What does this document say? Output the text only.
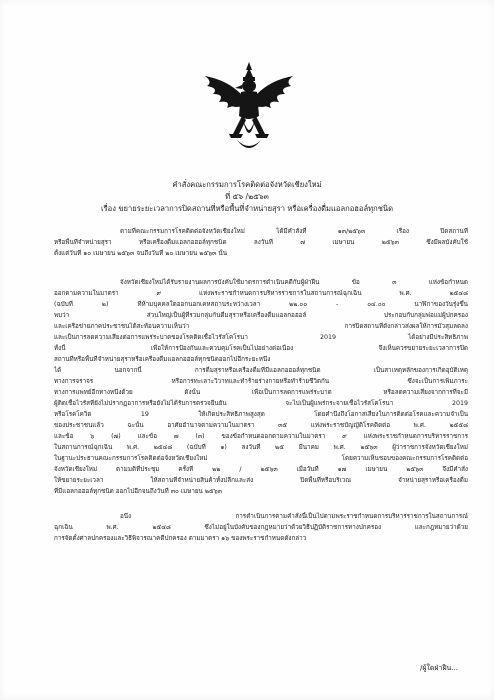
คำสั่งคณะกรรมการโรคติดต่อจังหวัดเชียงใหม่
ที่ ๕๖ /๒๕๖๓
เรื่อง ขยายระยะเวลาการปิดสถานที่หรือพื้นที่จำหน่ายสุรา หรือเครื่องดื่มแอลกอฮอล์ทุกชนิด
ตามที่คณะกรรมการโรคติดต่อจังหวัดเชียงใหม่ ได้มีคำสั่งที่ ๑๓/๒๕๖๓ เรื่อง ปิดสถานที่
หรือพื้นที่จำหน่ายสุรา หรือเครื่องดื่มแอลกอฮอล์ทุกชนิด ลงวันที่ ๗ เมษายน ๒๕๖๓ ซึ่งมีผลบังคับใช้
ตั้งแต่วันที่ ๑๐ เมษายน ๒๕๖๓ จนถึงวันที่ ๒๐ เมษายน ๒๕๖๓ นั้น
จังหวัดเชียงใหม่ได้รับรายงานผลการบังคับใช้มาตรการดำเนินคดีกับผู้ฝ่าฝืน ข้อ ๓ แห่งข้อกำหนด
ออกตามความในมาตรา ๙ แห่งพระราชกำหนดการบริหารราชการในสถานการณ์ฉุกเฉิน พ.ศ. ๒๕๔๘
(ฉบับที่ ๒) ที่ห้ามบุคคลใดออกนอกเคหสถานระหว่างเวลา ๒๒.๐๐ - ๐๔.๐๐ นาฬิกาของวันรุ่งขึ้น
พบว่า ส่วนใหญ่เป็นผู้ที่รวมกลุ่มกันดื่มสุราหรือเครื่องดื่มแอลกอฮอล์ ประกอบกับกลุ่มพ่อแม่ผู้ปกครอง
และเครือข่ายภาคประชาชนได้สะท้อนความเห็นว่า การปิดสถานที่ดังกล่าวส่งผลให้การมั่วสุมลดลง
และเป็นการลดความเสี่ยงต่อการแพร่ระบาดของโรคติดเชื้อไวรัสโคโรนา 2019 ได้อย่างมีประสิทธิภาพ
ทั้งนี้ เพื่อให้การป้องกันและควบคุมโรคเป็นไปอย่างต่อเนื่อง จึงเห็นควรขยายระยะเวลาการปิด
สถานที่หรือพื้นที่จำหน่ายสุราหรือเครื่องดื่มแอลกอฮอล์ทุกชนิดออกไปอีกระยะหนึ่ง
ได้ นอกจากนี้ การดื่มสุราหรือเครื่องดื่มที่มีแอลกอฮอล์ทุกชนิด เป็นสาเหตุหลักของการเกิดอุบัติเหตุ
ทางการจราจร หรือการทะเลาะวิวาทและทำร้ายร่างกายหรือทำร้ายชีวิตกัน ซึ่งจะเป็นการเพิ่มภาระ
ทางการแพทย์อีกทางหนึ่งด้วย ดังนั้น เพื่อเป็นการลดการแพร่ระบาด หรือลดความเสี่ยงจากการที่จะมี
ผู้ติดเชื้อไวรัสที่ยังไม่ปรากฏอาการหรือยังไม่ได้รับการตรวจยืนยัน จะไปเป็นผู้แพร่กระจายเชื้อไวรัสโคโรนา 2019
หรือโรคโควิด 19 ให้เกิดประสิทธิภาพสูงสุด โดยคำนึงถึงโอกาสเสี่ยงในการติดต่อโรคและความจำเป็น
ของประชาชนแล้ว ฉะนั้น อาศัยอำนาจตามความในมาตรา ๓๕ แห่งพระราชบัญญัติโรคติดต่อ พ.ศ. ๒๕๕๘
และข้อ ๖ (๗) และข้อ ๗ (๓) ของข้อกำหนดออกตามความในมาตรา ๙ แห่งพระราชกำหนดการบริหารราชการ
ในสถานการณ์ฉุกเฉิน พ.ศ. ๒๕๔๘ (ฉบับที่ ๑) ลงวันที่ ๒๕ มีนาคม พ.ศ. ๒๕๖๓ ผู้ว่าราชการจังหวัดเชียงใหม่
ในฐานะประธานคณะกรรมการโรคติดต่อจังหวัดเชียงใหม่ โดยความเห็นชอบของคณะกรรมการโรคติดต่อ
จังหวัดเชียงใหม่ ตามมติที่ประชุม ครั้งที่ ๒๒ / ๒๕๖๓ เมื่อวันที่ ๑๗ เมษายน ๒๕๖๓ จึงมีคำสั่ง
ให้ขยายระยะเวลา ให้สถานที่จำหน่ายสินค้าทั้งปลีกและส่ง ปิดพื้นที่หรือบริเวณ จำหน่ายสุราหรือเครื่องดื่ม
ที่มีแอลกอฮอล์ทุกชนิด ออกไปอีกจนถึงวันที่ ๓๐ เมษายน ๒๕๖๓
อนึ่ง การดำเนินการตามคำสั่งนี้เป็นไปตามพระราชกำหนดการบริหารราชการในสถานการณ์
ฉุกเฉิน พ.ศ. ๒๕๔๘ ซึ่งไม่อยู่ในบังคับของกฎหมายว่าด้วยวิธีปฏิบัติราชการทางปกครอง และกฎหมายว่าด้วย
การจัดตั้งศาลปกครองและวิธีพิจารณาคดีปกครอง ตามมาตรา ๑๖ ของพระราชกำหนดดังกล่าว
/ผู้ใดฝ่าฝืน...
